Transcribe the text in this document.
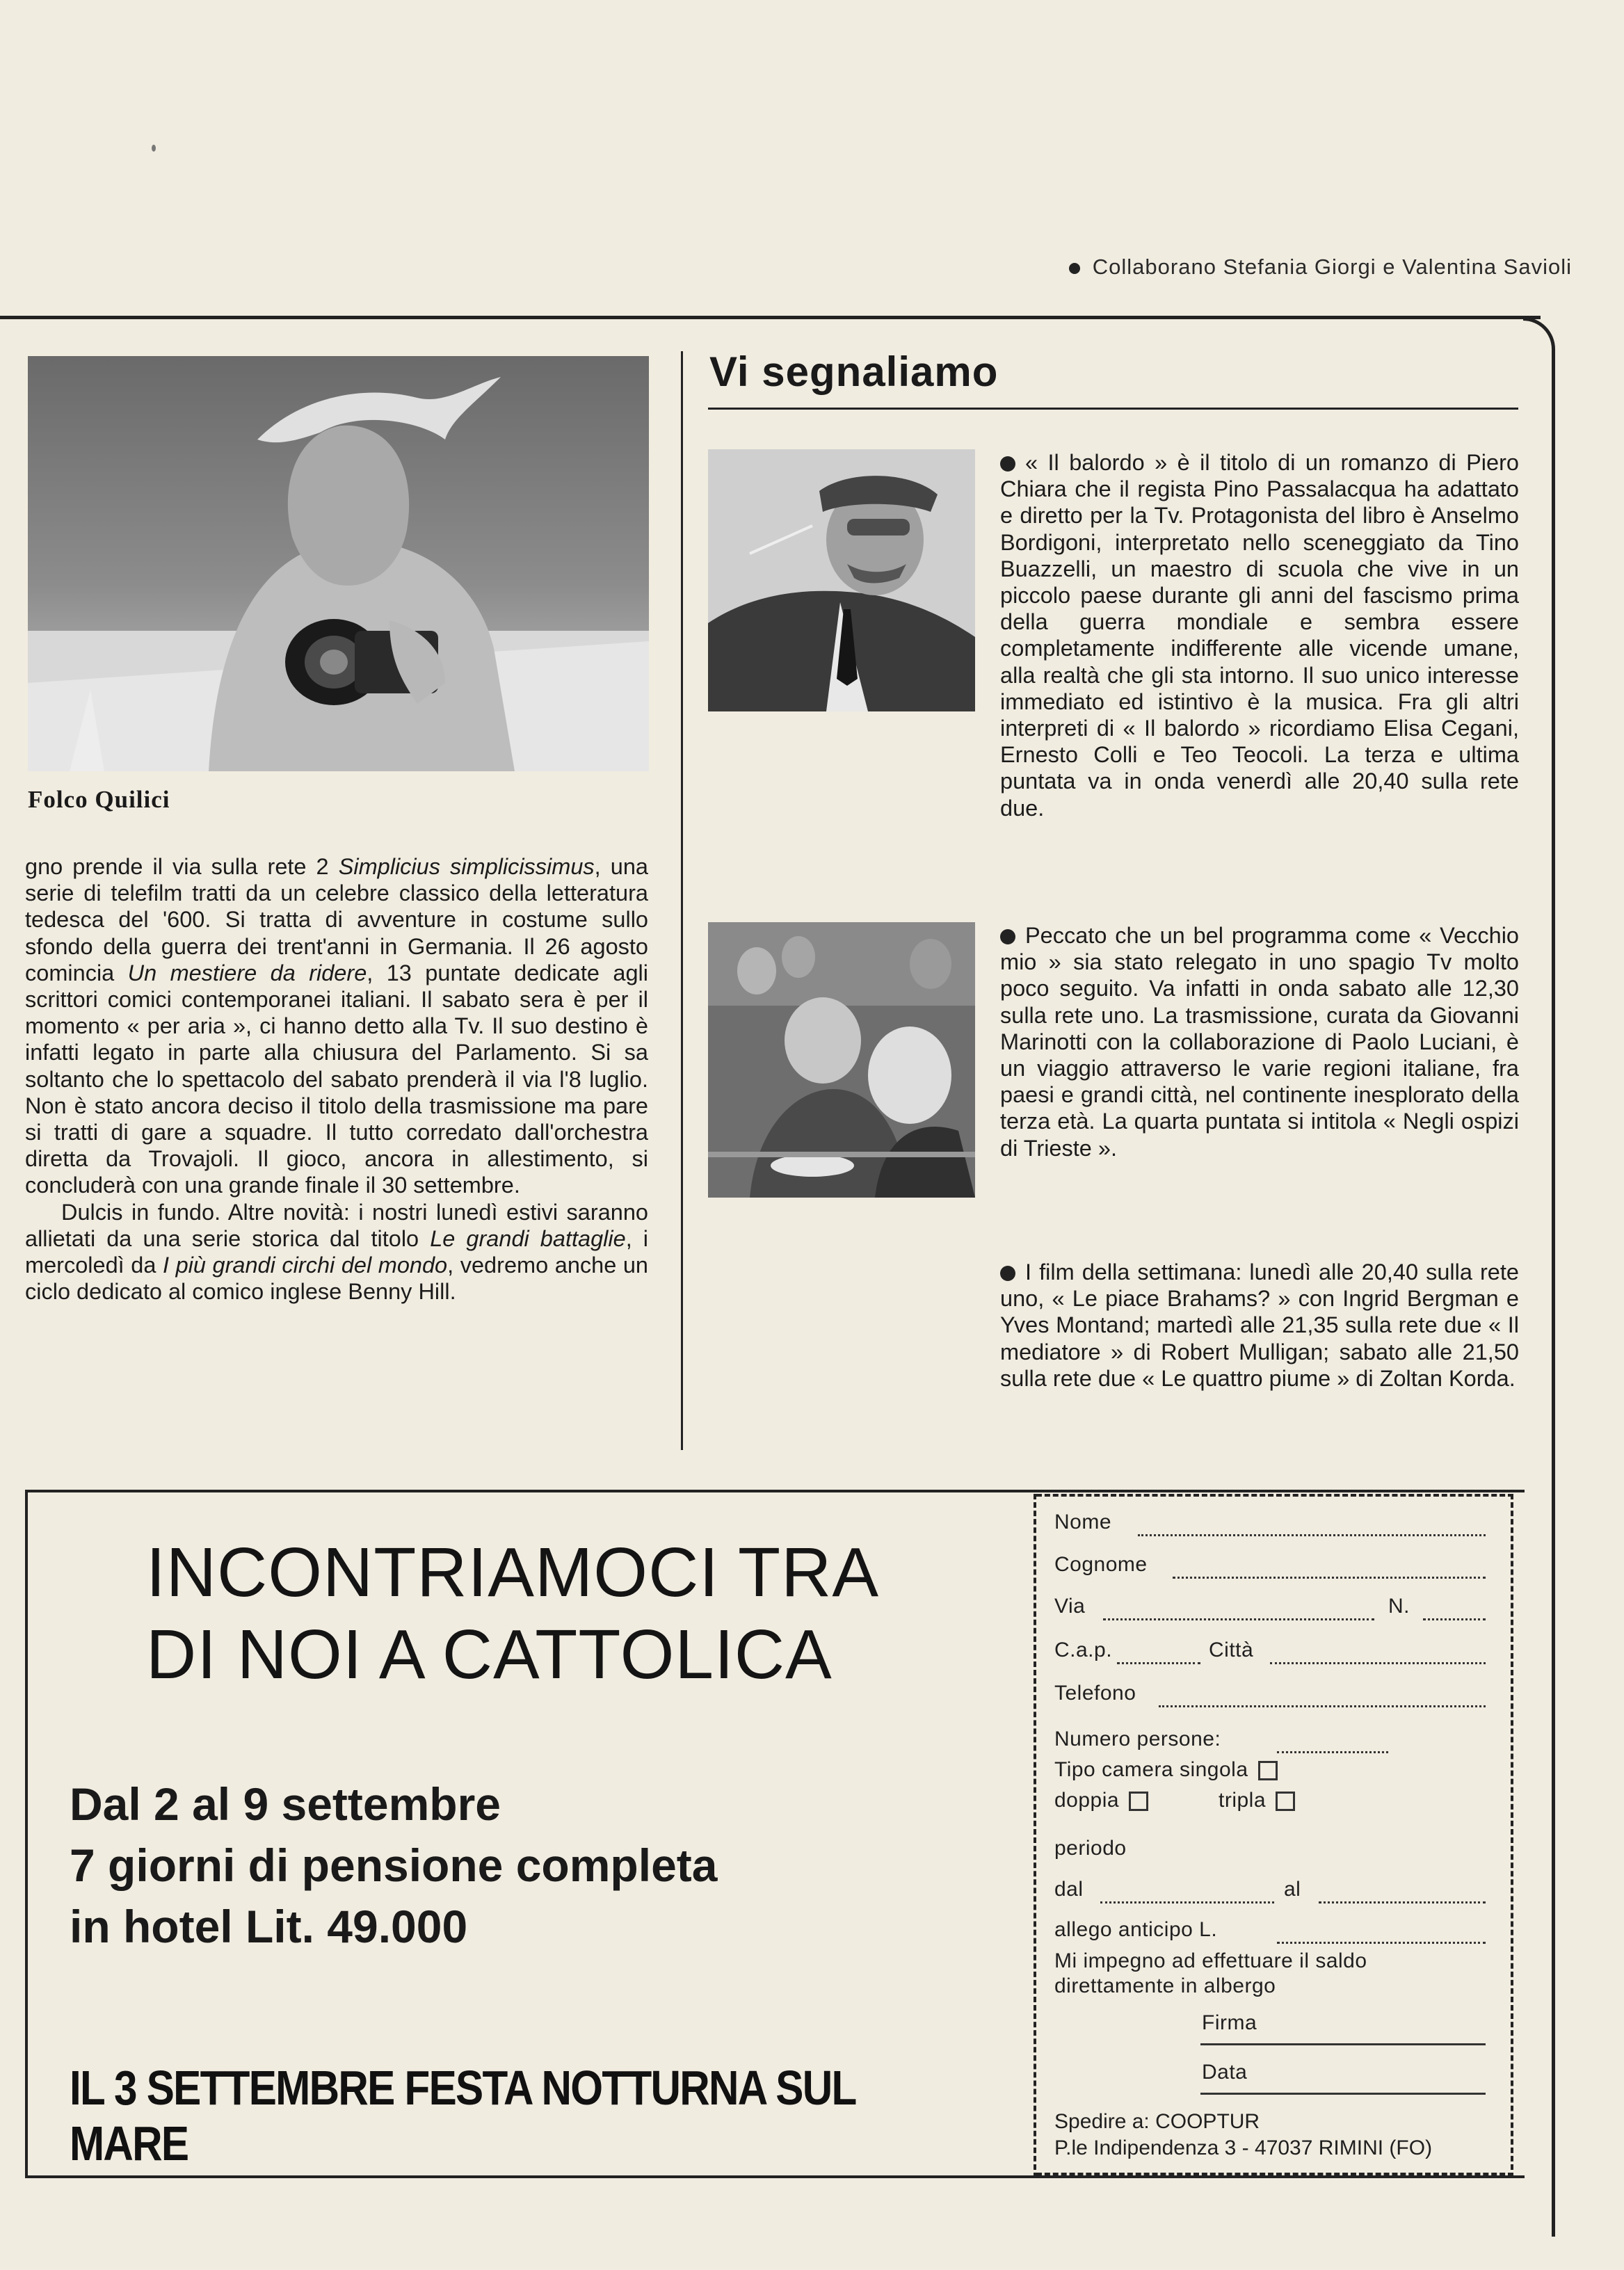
Collaborano Stefania Giorgi e Valentina Savioli
Folco Quilici

gno prende il via sulla rete 2 Simplicius simplicissimus, una serie di telefilm tratti da un celebre classico della letteratura tedesca del '600. Si tratta di avventure in costume sullo sfondo della guerra dei trent'anni in Germania. Il 26 agosto comincia Un mestiere da ridere, 13 puntate dedicate agli scrittori comici contemporanei italiani. Il sabato sera è per il momento « per aria », ci hanno detto alla Tv. Il suo destino è infatti legato in parte alla chiusura del Parlamento. Si sa soltanto che lo spettacolo del sabato prenderà il via l'8 luglio. Non è stato ancora deciso il titolo della trasmissione ma pare si tratti di gare a squadre. Il tutto corredato dall'orchestra diretta da Trovajoli. Il gioco, ancora in allestimento, si concluderà con una grande finale il 30 settembre.

Dulcis in fundo. Altre novità: i nostri lunedì estivi saranno allietati da una serie storica dal titolo Le grandi battaglie, i mercoledì da I più grandi circhi del mondo, vedremo anche un ciclo dedicato al comico inglese Benny Hill.

Vi segnaliamo
« Il balordo » è il titolo di un romanzo di Piero Chiara che il regista Pino Passalacqua ha adattato e diretto per la Tv. Protagonista del libro è Anselmo Bordigoni, interpretato nello sceneggiato da Tino Buazzelli, un maestro di scuola che vive in un piccolo paese durante gli anni del fascismo prima della guerra mondiale e sembra essere completamente indifferente alle vicende umane, alla realtà che gli sta intorno. Il suo unico interesse immediato ed istintivo è la musica. Fra gli altri interpreti di « Il balordo » ricordiamo Elisa Cegani, Ernesto Colli e Teo Teocoli. La terza e ultima puntata va in onda venerdì alle 20,40 sulla rete due.
Peccato che un bel programma come « Vecchio mio » sia stato relegato in uno spagio Tv molto poco seguito. Va infatti in onda sabato alle 12,30 sulla rete uno. La trasmissione, curata da Giovanni Marinotti con la collaborazione di Paolo Luciani, è un viaggio attraverso le varie regioni italiane, fra paesi e grandi città, nel continente inesplorato della terza età. La quarta puntata si intitola « Negli ospizi di Trieste ».
I film della settimana: lunedì alle 20,40 sulla rete uno, « Le piace Brahams? » con Ingrid Bergman e Yves Montand; martedì alle 21,35 sulla rete due « Il mediatore » di Robert Mulligan; sabato alle 21,50 sulla rete due « Le quattro piume » di Zoltan Korda.
INCONTRIAMOCI TRA
DI NOI A CATTOLICA
Dal 2 al 9 settembre
7 giorni di pensione completa
in hotel Lit. 49.000
IL 3 SETTEMBRE FESTA NOTTURNA SUL MARE
Nome
Cognome
Via	N.
C.a.p.	Città
Telefono
Numero persone:
Tipo camera singola
doppia	tripla
periodo
dal	al
allego anticipo L.
Mi impegno ad effettuare il saldo direttamente in albergo
Firma
Data
Spedire a: COOPTUR
P.le Indipendenza 3 - 47037 RIMINI (FO)
